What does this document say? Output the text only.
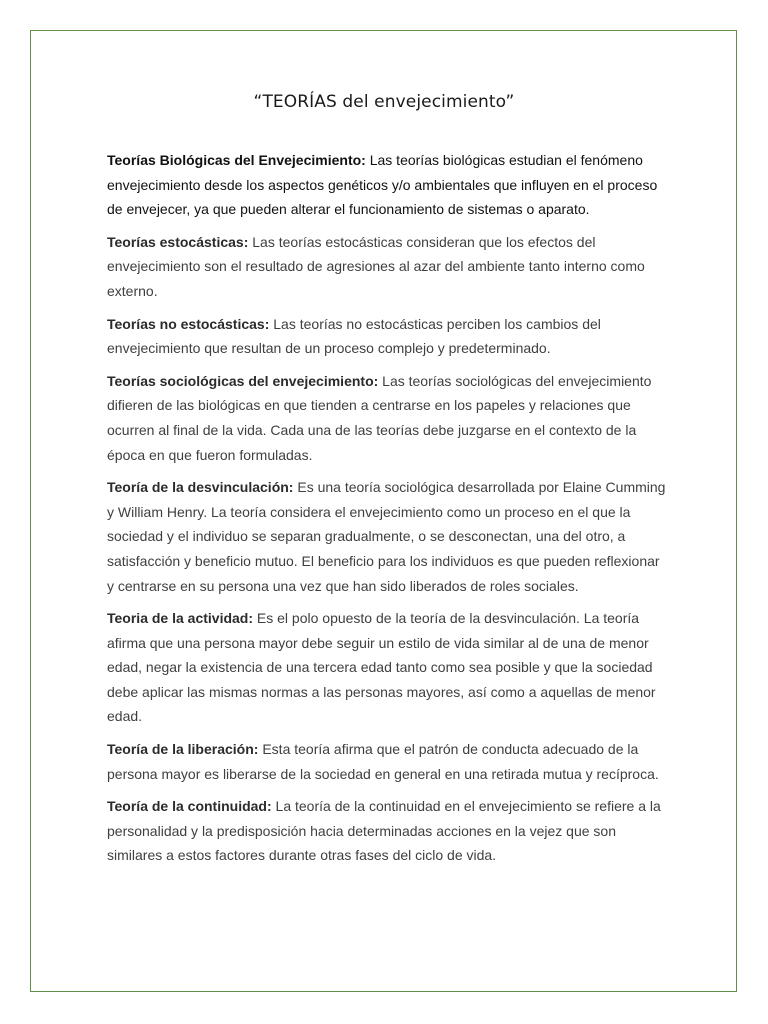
“TEORÍAS del envejecimiento”

Teorías Biológicas del Envejecimiento: Las teorías biológicas estudian el fenómeno envejecimiento desde los aspectos genéticos y/o ambientales que influyen en el proceso de envejecer, ya que pueden alterar el funcionamiento de sistemas o aparato.

Teorías estocásticas: Las teorías estocásticas consideran que los efectos del envejecimiento son el resultado de agresiones al azar del ambiente tanto interno como externo.

Teorías no estocásticas: Las teorías no estocásticas perciben los cambios del envejecimiento que resultan de un proceso complejo y predeterminado.

Teorías sociológicas del envejecimiento: Las teorías sociológicas del envejecimiento difieren de las biológicas en que tienden a centrarse en los papeles y relaciones que ocurren al final de la vida. Cada una de las teorías debe juzgarse en el contexto de la época en que fueron formuladas.

Teoría de la desvinculación: Es una teoría sociológica desarrollada por Elaine Cumming y William Henry. La teoría considera el envejecimiento como un proceso en el que la sociedad y el individuo se separan gradualmente, o se desconectan, una del otro, a satisfacción y beneficio mutuo. El beneficio para los individuos es que pueden reflexionar y centrarse en su persona una vez que han sido liberados de roles sociales.

Teoria de la actividad: Es el polo opuesto de la teoría de la desvinculación. La teoría afirma que una persona mayor debe seguir un estilo de vida similar al de una de menor edad, negar la existencia de una tercera edad tanto como sea posible y que la sociedad debe aplicar las mismas normas a las personas mayores, así como a aquellas de menor edad.

Teoría de la liberación: Esta teoría afirma que el patrón de conducta adecuado de la persona mayor es liberarse de la sociedad en general en una retirada mutua y recíproca.

Teoría de la continuidad: La teoría de la continuidad en el envejecimiento se refiere a la personalidad y la predisposición hacia determinadas acciones en la vejez que son similares a estos factores durante otras fases del ciclo de vida.
